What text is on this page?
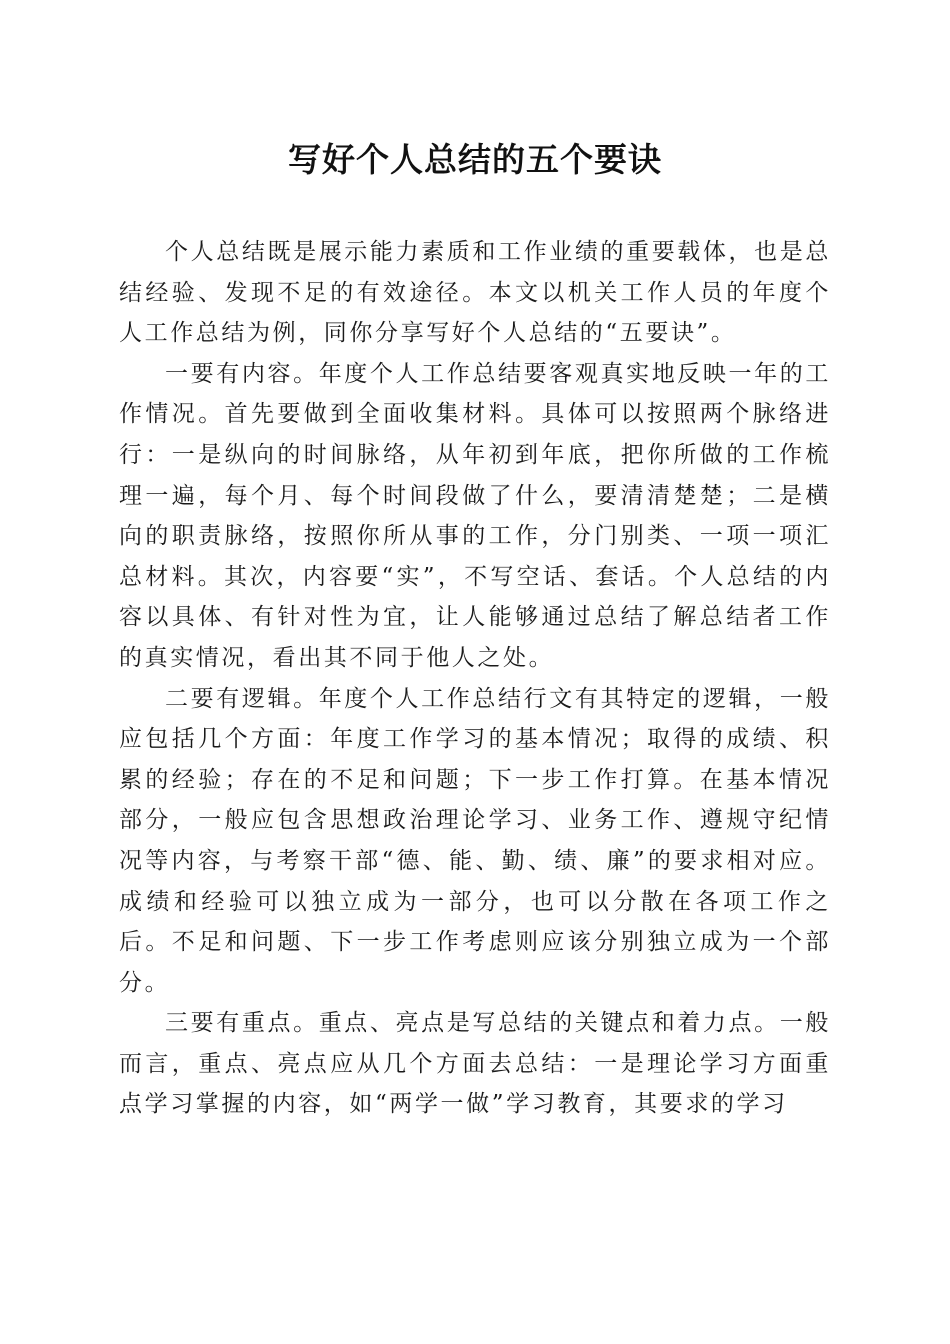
写好个人总结的五个要诀

个人总结既是展示能力素质和工作业绩的重要载体，也是总结经验、发现不足的有效途径。本文以机关工作人员的年度个人工作总结为例，同你分享写好个人总结的“五要诀”。

一要有内容。年度个人工作总结要客观真实地反映一年的工作情况。首先要做到全面收集材料。具体可以按照两个脉络进行：一是纵向的时间脉络，从年初到年底，把你所做的工作梳理一遍，每个月、每个时间段做了什么，要清清楚楚；二是横向的职责脉络，按照你所从事的工作，分门别类、一项一项汇总材料。其次，内容要“实”，不写空话、套话。个人总结的内容以具体、有针对性为宜，让人能够通过总结了解总结者工作的真实情况，看出其不同于他人之处。

二要有逻辑。年度个人工作总结行文有其特定的逻辑，一般应包括几个方面：年度工作学习的基本情况；取得的成绩、积累的经验；存在的不足和问题；下一步工作打算。在基本情况部分，一般应包含思想政治理论学习、业务工作、遵规守纪情况等内容，与考察干部“德、能、勤、绩、廉”的要求相对应。成绩和经验可以独立成为一部分，也可以分散在各项工作之后。不足和问题、下一步工作考虑则应该分别独立成为一个部分。

三要有重点。重点、亮点是写总结的关键点和着力点。一般而言，重点、亮点应从几个方面去总结：一是理论学习方面重点学习掌握的内容，如“两学一做”学习教育，其要求的学习
